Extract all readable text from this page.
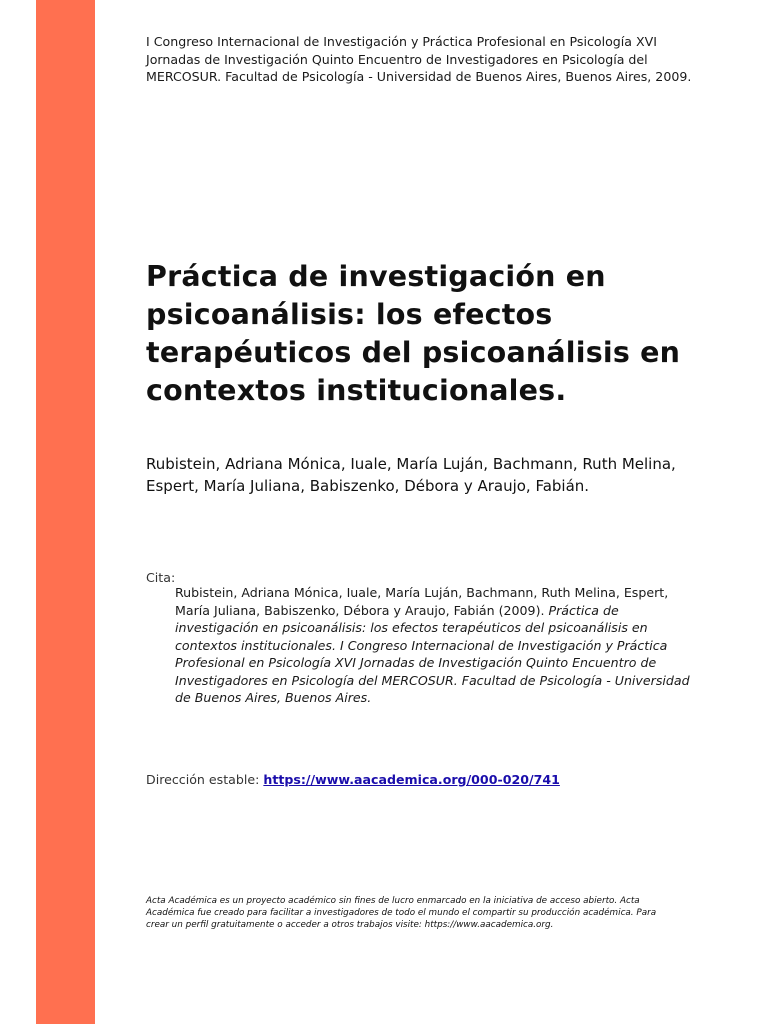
I Congreso Internacional de Investigación y Práctica Profesional en Psicología XVI Jornadas de Investigación Quinto Encuentro de Investigadores en Psicología del MERCOSUR. Facultad de Psicología - Universidad de Buenos Aires, Buenos Aires, 2009.
Práctica de investigación en psicoanálisis: los efectos terapéuticos del psicoanálisis en contextos institucionales.
Rubistein, Adriana Mónica, Iuale, María Luján, Bachmann, Ruth Melina, Espert, María Juliana, Babiszenko, Débora y Araujo, Fabián.
Cita:
Rubistein, Adriana Mónica, Iuale, María Luján, Bachmann, Ruth Melina, Espert, María Juliana, Babiszenko, Débora y Araujo, Fabián (2009). Práctica de investigación en psicoanálisis: los efectos terapéuticos del psicoanálisis en contextos institucionales. I Congreso Internacional de Investigación y Práctica Profesional en Psicología XVI Jornadas de Investigación Quinto Encuentro de Investigadores en Psicología del MERCOSUR. Facultad de Psicología - Universidad de Buenos Aires, Buenos Aires.
Dirección estable: https://www.aacademica.org/000-020/741
Acta Académica es un proyecto académico sin fines de lucro enmarcado en la iniciativa de acceso abierto. Acta Académica fue creado para facilitar a investigadores de todo el mundo el compartir su producción académica. Para crear un perfil gratuitamente o acceder a otros trabajos visite: https://www.aacademica.org.
